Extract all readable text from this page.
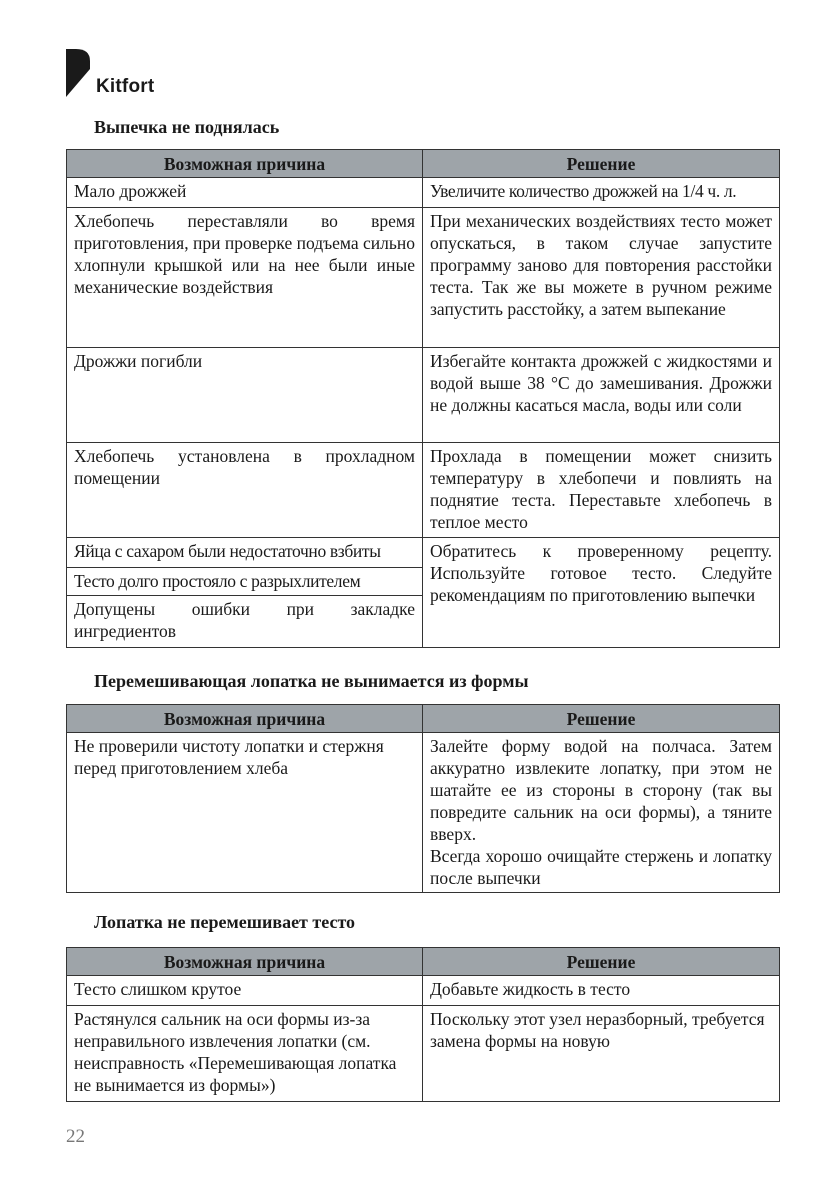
Kitfort
Выпечка не поднялась
Возможная причина	Решение
Мало дрожжей	Увеличите количество дрожжей на 1/4 ч. л.
Хлебопечь переставляли во время приготовления, при проверке подъема сильно хлопнули крышкой или на нее были иные механические воздействия	При механических воздействиях тесто может опускаться, в таком случае запустите программу заново для повторения расстойки теста. Так же вы можете в ручном режиме запустить расстойку, а затем выпекание
Дрожжи погибли	Избегайте контакта дрожжей с жидкостями и водой выше 38 °C до замешивания. Дрожжи не должны касаться масла, воды или соли
Хлебопечь установлена в прохладном помещении	Прохлада в помещении может снизить температуру в хлебопечи и повлиять на поднятие теста. Переставьте хлебопечь в теплое место
Яйца с сахаром были недостаточно взбиты	Обратитесь к проверенному рецепту. Используйте готовое тесто. Следуйте рекомендациям по приготовлению выпечки
Тесто долго простояло с разрыхлителем	
Допущены ошибки при закладке ингредиентов	
Перемешивающая лопатка не вынимается из формы
Возможная причина	Решение
Не проверили чистоту лопатки и стержня перед приготовлением хлеба	Залейте форму водой на полчаса. Затем аккуратно извлеките лопатку, при этом не шатайте ее из стороны в сторону (так вы повредите сальник на оси формы), а тяните вверх.
Всегда хорошо очищайте стержень и лопатку после выпечки
Лопатка не перемешивает тесто
Возможная причина	Решение
Тесто слишком крутое	Добавьте жидкость в тесто
Растянулся сальник на оси формы из-за неправильного извлечения лопатки (см. неисправность «Перемешивающая лопатка не вынимается из формы»)	Поскольку этот узел неразборный, требуется замена формы на новую
22
